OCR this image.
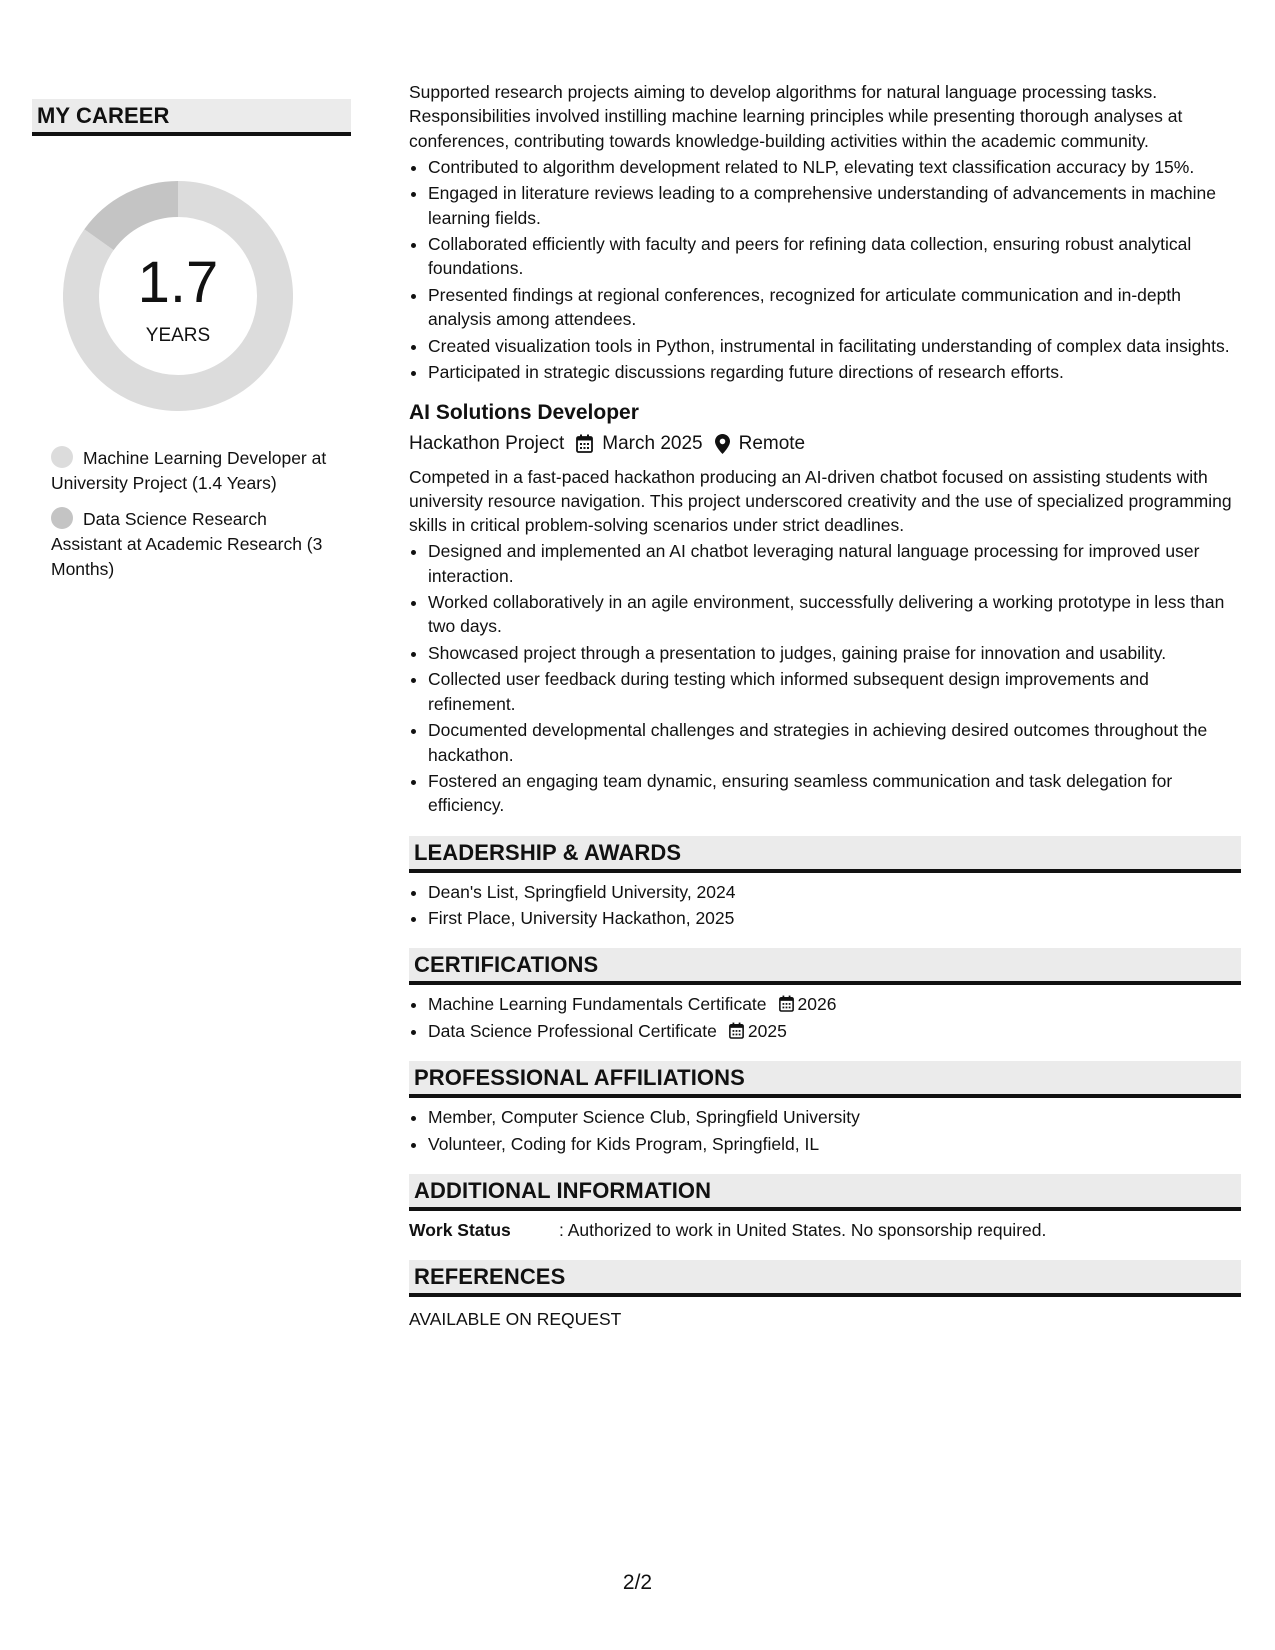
MY CAREER
1.7
YEARS
Machine Learning Developer at University Project (1.4 Years)
Data Science Research Assistant at Academic Research (3 Months)

Supported research projects aiming to develop algorithms for natural language processing tasks. Responsibilities involved instilling machine learning principles while presenting thorough analyses at conferences, contributing towards knowledge-building activities within the academic community.

• Contributed to algorithm development related to NLP, elevating text classification accuracy by 15%.
• Engaged in literature reviews leading to a comprehensive understanding of advancements in machine learning fields.
• Collaborated efficiently with faculty and peers for refining data collection, ensuring robust analytical foundations.
• Presented findings at regional conferences, recognized for articulate communication and in-depth analysis among attendees.
• Created visualization tools in Python, instrumental in facilitating understanding of complex data insights.
• Participated in strategic discussions regarding future directions of research efforts.
AI Solutions Developer
Hackathon Project March 2025 Remote

Competed in a fast-paced hackathon producing an AI-driven chatbot focused on assisting students with university resource navigation. This project underscored creativity and the use of specialized programming skills in critical problem-solving scenarios under strict deadlines.

• Designed and implemented an AI chatbot leveraging natural language processing for improved user interaction.
• Worked collaboratively in an agile environment, successfully delivering a working prototype in less than two days.
• Showcased project through a presentation to judges, gaining praise for innovation and usability.
• Collected user feedback during testing which informed subsequent design improvements and refinement.
• Documented developmental challenges and strategies in achieving desired outcomes throughout the hackathon.
• Fostered an engaging team dynamic, ensuring seamless communication and task delegation for efficiency.
LEADERSHIP & AWARDS
• Dean's List, Springfield University, 2024
• First Place, University Hackathon, 2025
CERTIFICATIONS
• Machine Learning Fundamentals Certificate 2026
• Data Science Professional Certificate 2025
PROFESSIONAL AFFILIATIONS
• Member, Computer Science Club, Springfield University
• Volunteer, Coding for Kids Program, Springfield, IL
ADDITIONAL INFORMATION
Work Status	: Authorized to work in United States. No sponsorship required.
REFERENCES
AVAILABLE ON REQUEST
2/2
